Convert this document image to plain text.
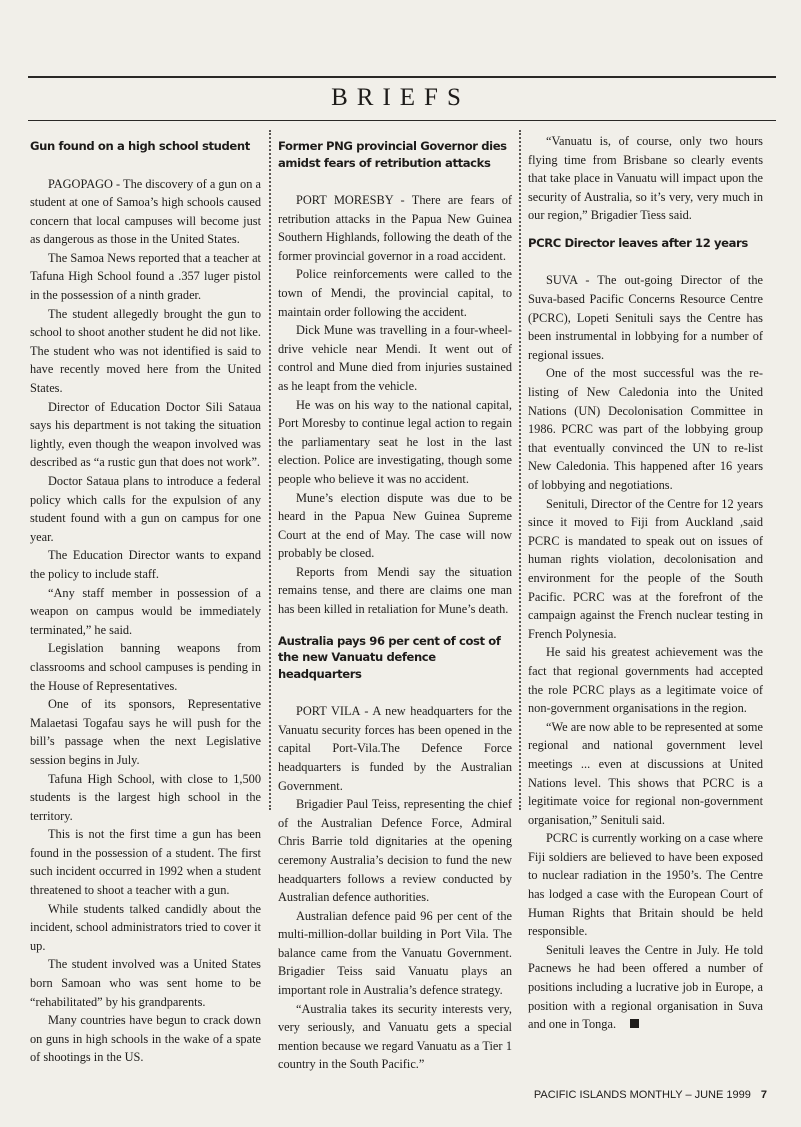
BRIEFS
Gun found on a high school student

PAGOPAGO - The discovery of a gun on a student at one of Samoa’s high schools caused concern that local campuses will become just as dangerous as those in the United States.

The Samoa News reported that a teacher at Tafuna High School found a .357 luger pistol in the possession of a ninth grader.

The student allegedly brought the gun to school to shoot another student he did not like. The student who was not identified is said to have recently moved here from the United States.

Director of Education Doctor Sili Sataua says his department is not taking the situation lightly, even though the weapon involved was described as “a rustic gun that does not work”.

Doctor Sataua plans to introduce a federal policy which calls for the expulsion of any student found with a gun on campus for one year.

The Education Director wants to expand the policy to include staff.

“Any staff member in possession of a weapon on campus would be immediately terminated,” he said.

Legislation banning weapons from classrooms and school campuses is pending in the House of Representatives.

One of its sponsors, Representative Malaetasi Togafau says he will push for the bill’s passage when the next Legislative session begins in July.

Tafuna High School, with close to 1,500 students is the largest high school in the territory.

This is not the first time a gun has been found in the possession of a student. The first such incident occurred in 1992 when a student threatened to shoot a teacher with a gun.

While students talked candidly about the incident, school administrators tried to cover it up.

The student involved was a United States born Samoan who was sent home to be “rehabilitated” by his grandparents.

Many countries have begun to crack down on guns in high schools in the wake of a spate of shootings in the US.

Former PNG provincial Governor dies amidst fears of retribution attacks

PORT MORESBY - There are fears of retribution attacks in the Papua New Guinea Southern Highlands, following the death of the former provincial governor in a road accident.

Police reinforcements were called to the town of Mendi, the provincial capital, to maintain order following the accident.

Dick Mune was travelling in a four-wheel-drive vehicle near Mendi. It went out of control and Mune died from injuries sustained as he leapt from the vehicle.

He was on his way to the national capital, Port Moresby to continue legal action to regain the parliamentary seat he lost in the last election. Police are investigating, though some people who believe it was no accident.

Mune’s election dispute was due to be heard in the Papua New Guinea Supreme Court at the end of May. The case will now probably be closed.

Reports from Mendi say the situation remains tense, and there are claims one man has been killed in retaliation for Mune’s death.

Australia pays 96 per cent of cost of the new Vanuatu defence headquarters

PORT VILA - A new headquarters for the Vanuatu security forces has been opened in the capital Port-Vila.The Defence Force headquarters is funded by the Australian Government.

Brigadier Paul Teiss, representing the chief of the Australian Defence Force, Admiral Chris Barrie told dignitaries at the opening ceremony Australia’s decision to fund the new headquarters follows a review conducted by Australian defence authorities.

Australian defence paid 96 per cent of the multi-million-dollar building in Port Vila. The balance came from the Vanuatu Government. Brigadier Teiss said Vanuatu plays an important role in Australia’s defence strategy.

“Australia takes its security interests very, very seriously, and Vanuatu gets a special mention because we regard Vanuatu as a Tier 1 country in the South Pacific.”

“Vanuatu is, of course, only two hours flying time from Brisbane so clearly events that take place in Vanuatu will impact upon the security of Australia, so it’s very, very much in our region,” Brigadier Tiess said.

PCRC Director leaves after 12 years

SUVA - The out-going Director of the Suva-based Pacific Concerns Resource Centre (PCRC), Lopeti Senituli says the Centre has been instrumental in lobbying for a number of regional issues.

One of the most successful was the re-listing of New Caledonia into the United Nations (UN) Decolonisation Committee in 1986. PCRC was part of the lobbying group that eventually convinced the UN to re-list New Caledonia. This happened after 16 years of lobbying and negotiations.

Senituli, Director of the Centre for 12 years since it moved to Fiji from Auckland ,said PCRC is mandated to speak out on issues of human rights violation, decolonisation and environment for the people of the South Pacific. PCRC was at the forefront of the campaign against the French nuclear testing in French Polynesia.

He said his greatest achievement was the fact that regional governments had accepted the role PCRC plays as a legitimate voice of non-government organisations in the region.

“We are now able to be represented at some regional and national government level meetings ... even at discussions at United Nations level. This shows that PCRC is a legitimate voice for regional non-government organisation,” Senituli said.

PCRC is currently working on a case where Fiji soldiers are believed to have been exposed to nuclear radiation in the 1950’s. The Centre has lodged a case with the European Court of Human Rights that Britain should be held responsible.

Senituli leaves the Centre in July. He told Pacnews he had been offered a number of positions including a lucrative job in Europe, a position with a regional organisation in Suva and one in Tonga.

PACIFIC ISLANDS MONTHLY – JUNE 1999 7
